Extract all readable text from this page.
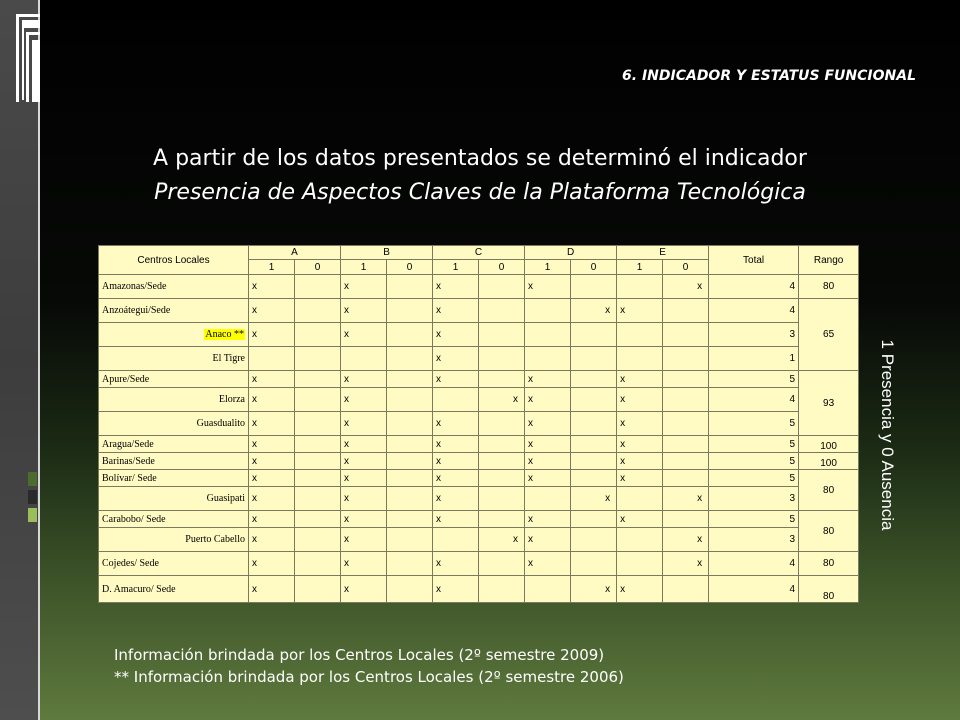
6. INDICADOR Y ESTATUS FUNCIONAL
A partir de los datos presentados se determinó el indicador
Presencia de Aspectos Claves de la Plataforma Tecnológica
1 Presencia y 0 Ausencia
Centros Locales	A		B		C		D		E		Total	Rango
	1	0	1	0	1	0	1	0	1	0		
Amazonas/Sede	x		x		x		x			x	4	80
Anzoátegui/Sede	x		x		x			x	x		4	65
Anaco **	x		x		x						3	
El Tigre					x						1	
Apure/Sede	x		x		x		x		x		5	93
Elorza	x		x			x	x		x		4	
Guasdualito	x		x		x		x		x		5	
Aragua/Sede	x		x		x		x		x		5	100
Barinas/Sede	x		x		x		x		x		5	100
Bolívar/ Sede	x		x		x		x		x		5	80
Guasipati	x		x		x			x		x	3	
Carabobo/ Sede	x		x		x		x		x		5	80
Puerto Cabello	x		x			x	x			x	3	
Cojedes/ Sede	x		x		x		x			x	4	80
D. Amacuro/ Sede	x		x		x			x	x		4	80
Información brindada por los Centros Locales (2º semestre 2009)
** Información brindada por los Centros Locales (2º semestre 2006)
